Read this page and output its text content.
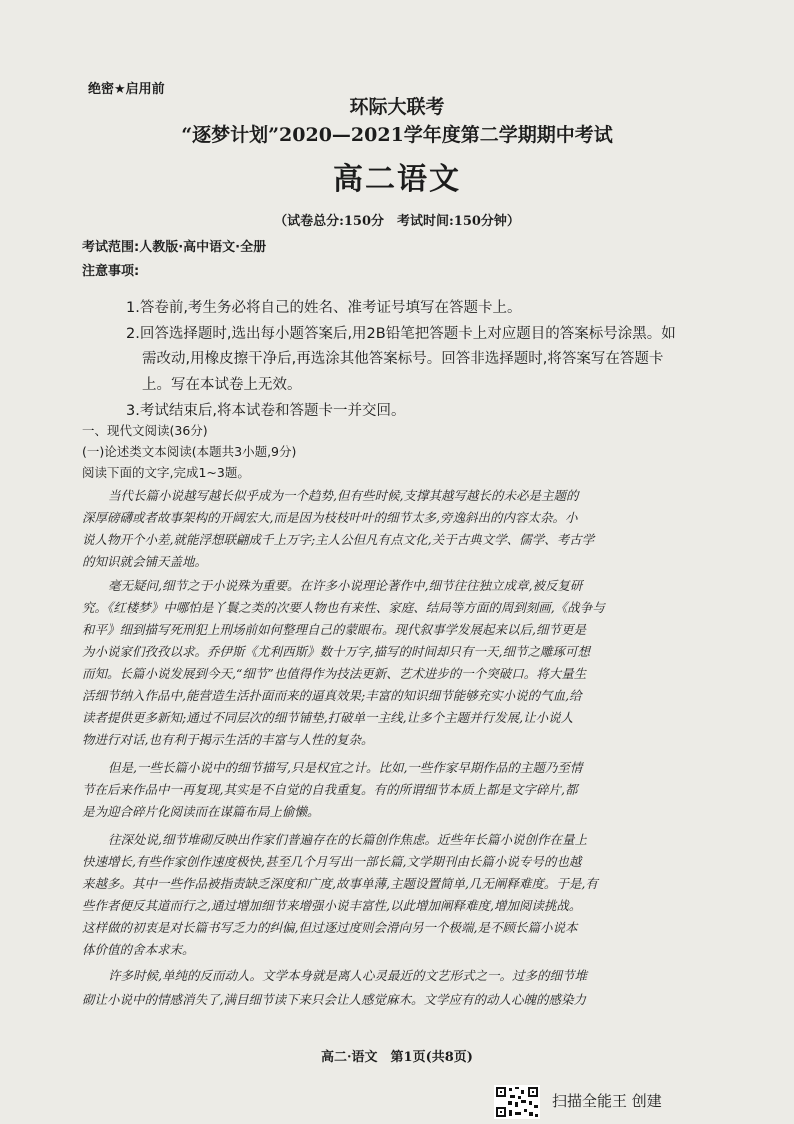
绝密★启用前
环际大联考
“逐梦计划”2020—2021学年度第二学期期中考试
高二语文
（试卷总分:150分　考试时间:150分钟）
考试范围:人教版·高中语文·全册
注意事项:
1.答卷前,考生务必将自己的姓名、准考证号填写在答题卡上。
2.回答选择题时,选出每小题答案后,用2B铅笔把答题卡上对应题目的答案标号涂黑。如
需改动,用橡皮擦干净后,再选涂其他答案标号。回答非选择题时,将答案写在答题卡
上。写在本试卷上无效。
3.考试结束后,将本试卷和答题卡一并交回。
一、现代文阅读(36分)
(一)论述类文本阅读(本题共3小题,9分)
阅读下面的文字,完成1~3题。
当代长篇小说越写越长似乎成为一个趋势,但有些时候,支撑其越写越长的未必是主题的
深厚磅礴或者故事架构的开阔宏大,而是因为枝枝叶叶的细节太多,旁逸斜出的内容太杂。小
说人物开个小差,就能浮想联翩成千上万字;主人公但凡有点文化,关于古典文学、儒学、考古学
的知识就会铺天盖地。
毫无疑问,细节之于小说殊为重要。在许多小说理论著作中,细节往往独立成章,被反复研
究。《红楼梦》中哪怕是丫鬟之类的次要人物也有来性、家庭、结局等方面的周到刻画,《战争与
和平》细到描写死刑犯上刑场前如何整理自己的蒙眼布。现代叙事学发展起来以后,细节更是
为小说家们孜孜以求。乔伊斯《尤利西斯》数十万字,描写的时间却只有一天,细节之雕琢可想
而知。长篇小说发展到今天,“细节”也值得作为技法更新、艺术进步的一个突破口。将大量生
活细节纳入作品中,能营造生活扑面而来的逼真效果;丰富的知识细节能够充实小说的气血,给
读者提供更多新知;通过不同层次的细节铺垫,打破单一主线,让多个主题并行发展,让小说人
物进行对话,也有利于揭示生活的丰富与人性的复杂。
但是,一些长篇小说中的细节描写,只是权宜之计。比如,一些作家早期作品的主题乃至情
节在后来作品中一再复现,其实是不自觉的自我重复。有的所谓细节本质上都是文字碎片,都
是为迎合碎片化阅读而在谋篇布局上偷懒。
往深处说,细节堆砌反映出作家们普遍存在的长篇创作焦虑。近些年长篇小说创作在量上
快速增长,有些作家创作速度极快,甚至几个月写出一部长篇,文学期刊由长篇小说专号的也越
来越多。其中一些作品被指责缺乏深度和广度,故事单薄,主题设置简单,几无阐释难度。于是,有
些作者便反其道而行之,通过增加细节来增强小说丰富性,以此增加阐释难度,增加阅读挑战。
这样做的初衷是对长篇书写乏力的纠偏,但过逐过度则会滑向另一个极端,是不顾长篇小说本
体价值的舍本求末。
许多时候,单纯的反而动人。文学本身就是离人心灵最近的文艺形式之一。过多的细节堆
砌让小说中的情感消失了,满目细节读下来只会让人感觉麻木。文学应有的动人心魄的感染力
高二·语文　第1页(共8页)
扫描全能王 创建
